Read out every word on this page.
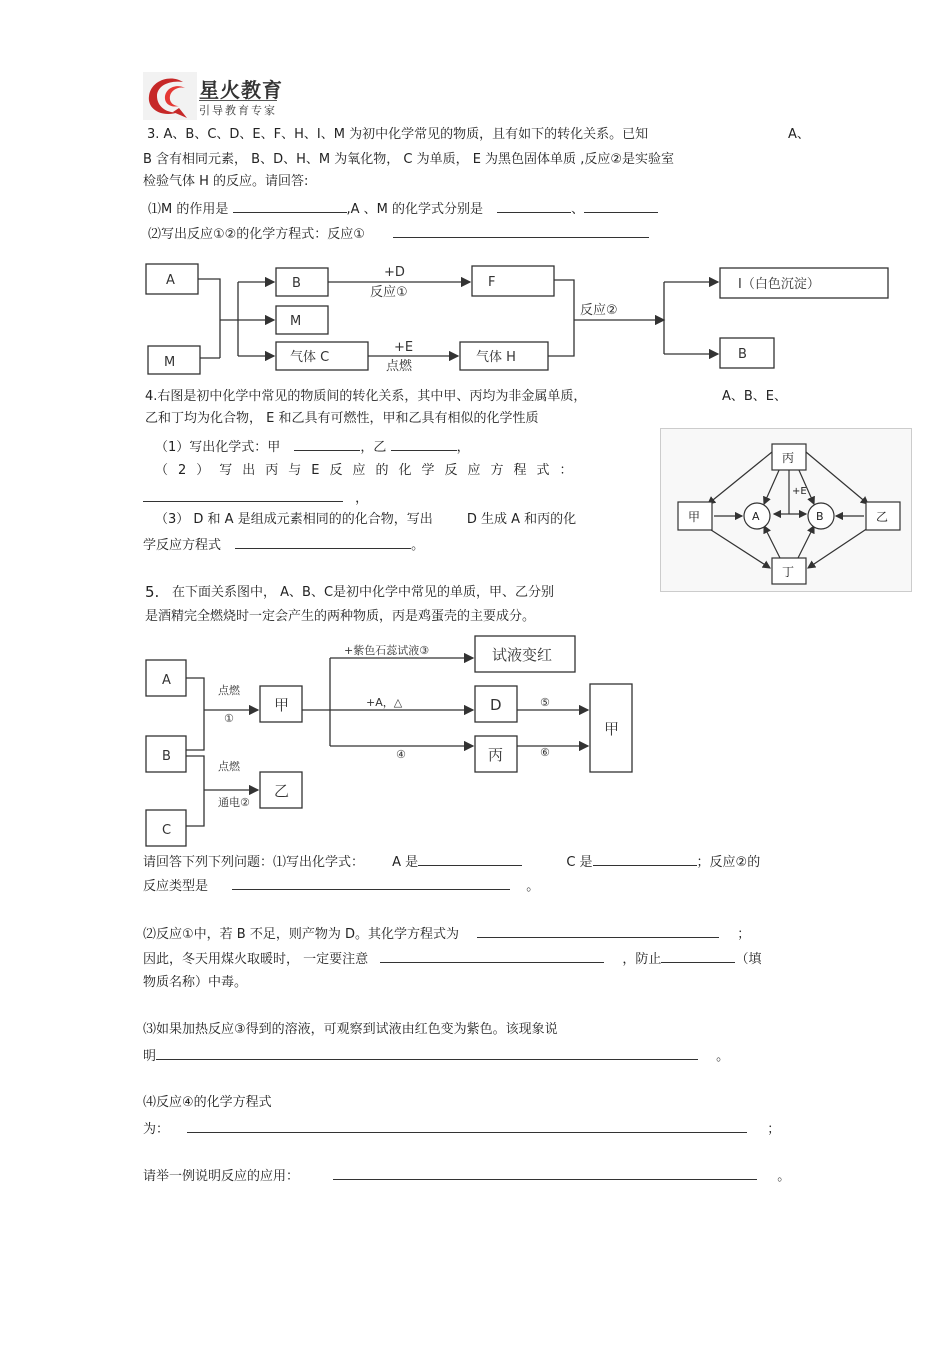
星火教育
引导教育专家
3. A、B、C、D、E、F、H、I、M 为初中化学常见的物质，且有如下的转化关系。已知	A、
B 含有相同元素， B、D、H、M 为氧化物， C 为单质， E 为黑色固体单质 ,反应②是实验室
检验气体 H 的反应。请回答:
⑴M 的作用是	,A 、M 的化学式分别是	、
⑵写出反应①②的化学方程式：反应①
A
M
B
M
气体 C
F
气体 H
I（白色沉淀）
B
+D
反应①
+E
点燃
反应②
4.右图是初中化学中常见的物质间的转化关系，其中甲、丙均为非金属单质，	A、B、E、
乙和丁均为化合物， E 和乙具有可燃性，甲和乙具有相似的化学性质
（1）写出化学式：甲	，乙	，
（2）写出丙与E反应的化学反应方程式：
，
（3） D 和 A 是组成元素相同的的化合物，写出	D 生成 A 和丙的化
学反应方程式	。
丙
甲	乙
丁
A	B
+E
5. 在下面关系图中， A、B、C是初中化学中常见的单质，甲、乙分别
是酒精完全燃烧时一定会产生的两种物质，丙是鸡蛋壳的主要成分。
A
B
C
甲
乙
试液变红
D
丙
甲
点燃
①
点燃
通电②
+紫色石蕊试液③
+A，△
④
⑤
⑥
请回答下列下列问题：⑴写出化学式： A 是	C 是	；反应②的
反应类型是	。
⑵反应①中，若 B 不足，则产物为 D。其化学方程式为	；
因此，冬天用煤火取暖时， 一定要注意	，防止	（填
物质名称）中毒。
⑶如果加热反应③得到的溶液，可观察到试液由红色变为紫色。该现象说
明	。
⑷反应④的化学方程式
为：	；
请举一例说明反应的应用：	。
